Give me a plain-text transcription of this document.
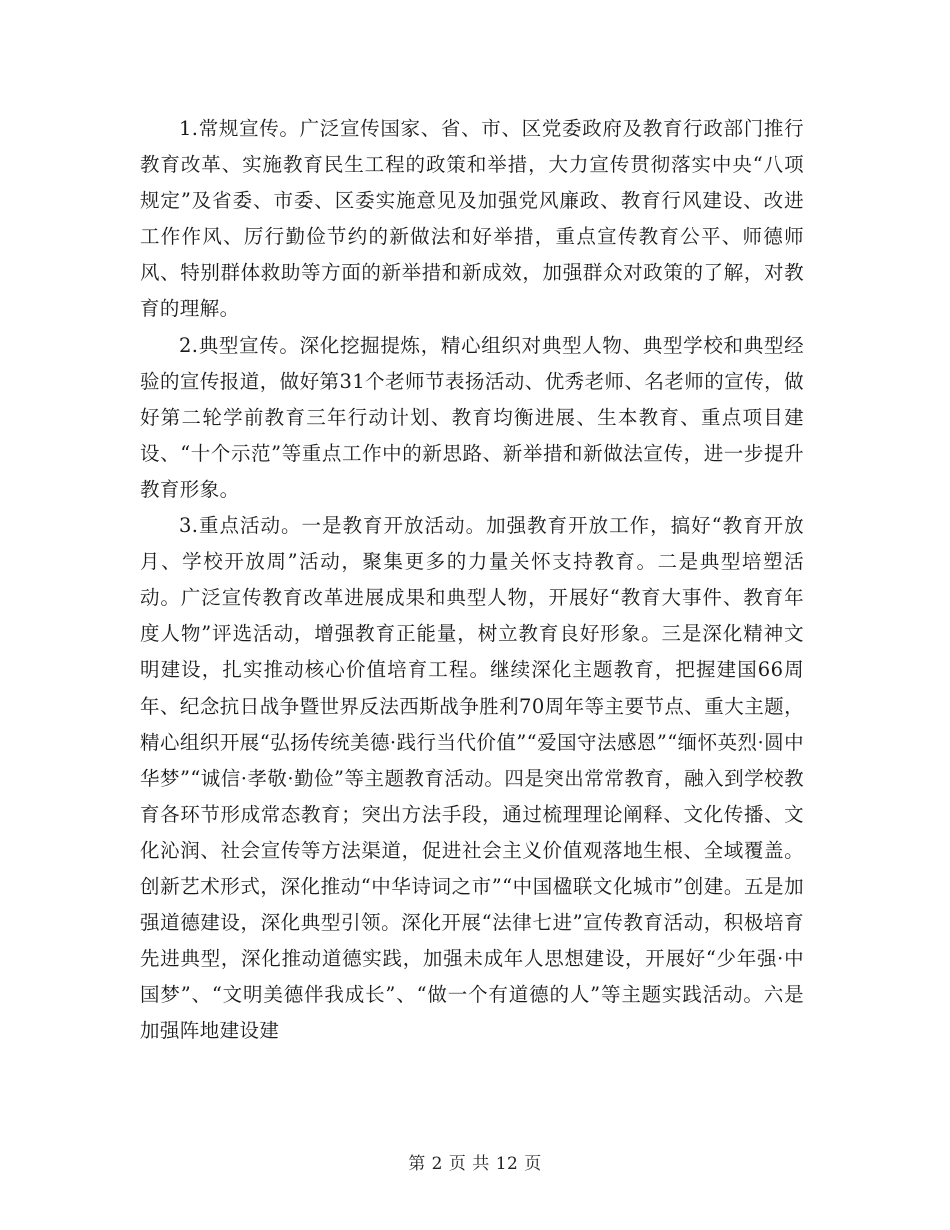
1.常规宣传。广泛宣传国家、省、市、区党委政府及教育行政部门推行教育改革、实施教育民生工程的政策和举措，大力宣传贯彻落实中央“八项规定”及省委、市委、区委实施意见及加强党风廉政、教育行风建设、改进工作作风、厉行勤俭节约的新做法和好举措，重点宣传教育公平、师德师风、特别群体救助等方面的新举措和新成效，加强群众对政策的了解，对教育的理解。

2.典型宣传。深化挖掘提炼，精心组织对典型人物、典型学校和典型经验的宣传报道，做好第31个老师节表扬活动、优秀老师、名老师的宣传，做好第二轮学前教育三年行动计划、教育均衡进展、生本教育、重点项目建设、“十个示范”等重点工作中的新思路、新举措和新做法宣传，进一步提升教育形象。

3.重点活动。一是教育开放活动。加强教育开放工作，搞好“教育开放月、学校开放周”活动，聚集更多的力量关怀支持教育。二是典型培塑活动。广泛宣传教育改革进展成果和典型人物，开展好“教育大事件、教育年度人物”评选活动，增强教育正能量，树立教育良好形象。三是深化精神文明建设，扎实推动核心价值培育工程。继续深化主题教育，把握建国66周年、纪念抗日战争暨世界反法西斯战争胜利70周年等主要节点、重大主题，精心组织开展“弘扬传统美德·践行当代价值”“爱国守法感恩”“缅怀英烈·圆中华梦”“诚信·孝敬·勤俭”等主题教育活动。四是突出常常教育，融入到学校教育各环节形成常态教育；突出方法手段，通过梳理理论阐释、文化传播、文化沁润、社会宣传等方法渠道，促进社会主义价值观落地生根、全域覆盖。创新艺术形式，深化推动“中华诗词之市”“中国楹联文化城市”创建。五是加强道德建设，深化典型引领。深化开展“法律七进”宣传教育活动，积极培育先进典型，深化推动道德实践，加强未成年人思想建设，开展好“少年强·中国梦”、“文明美德伴我成长”、“做一个有道德的人”等主题实践活动。六是加强阵地建设建

第 2 页 共 12 页
